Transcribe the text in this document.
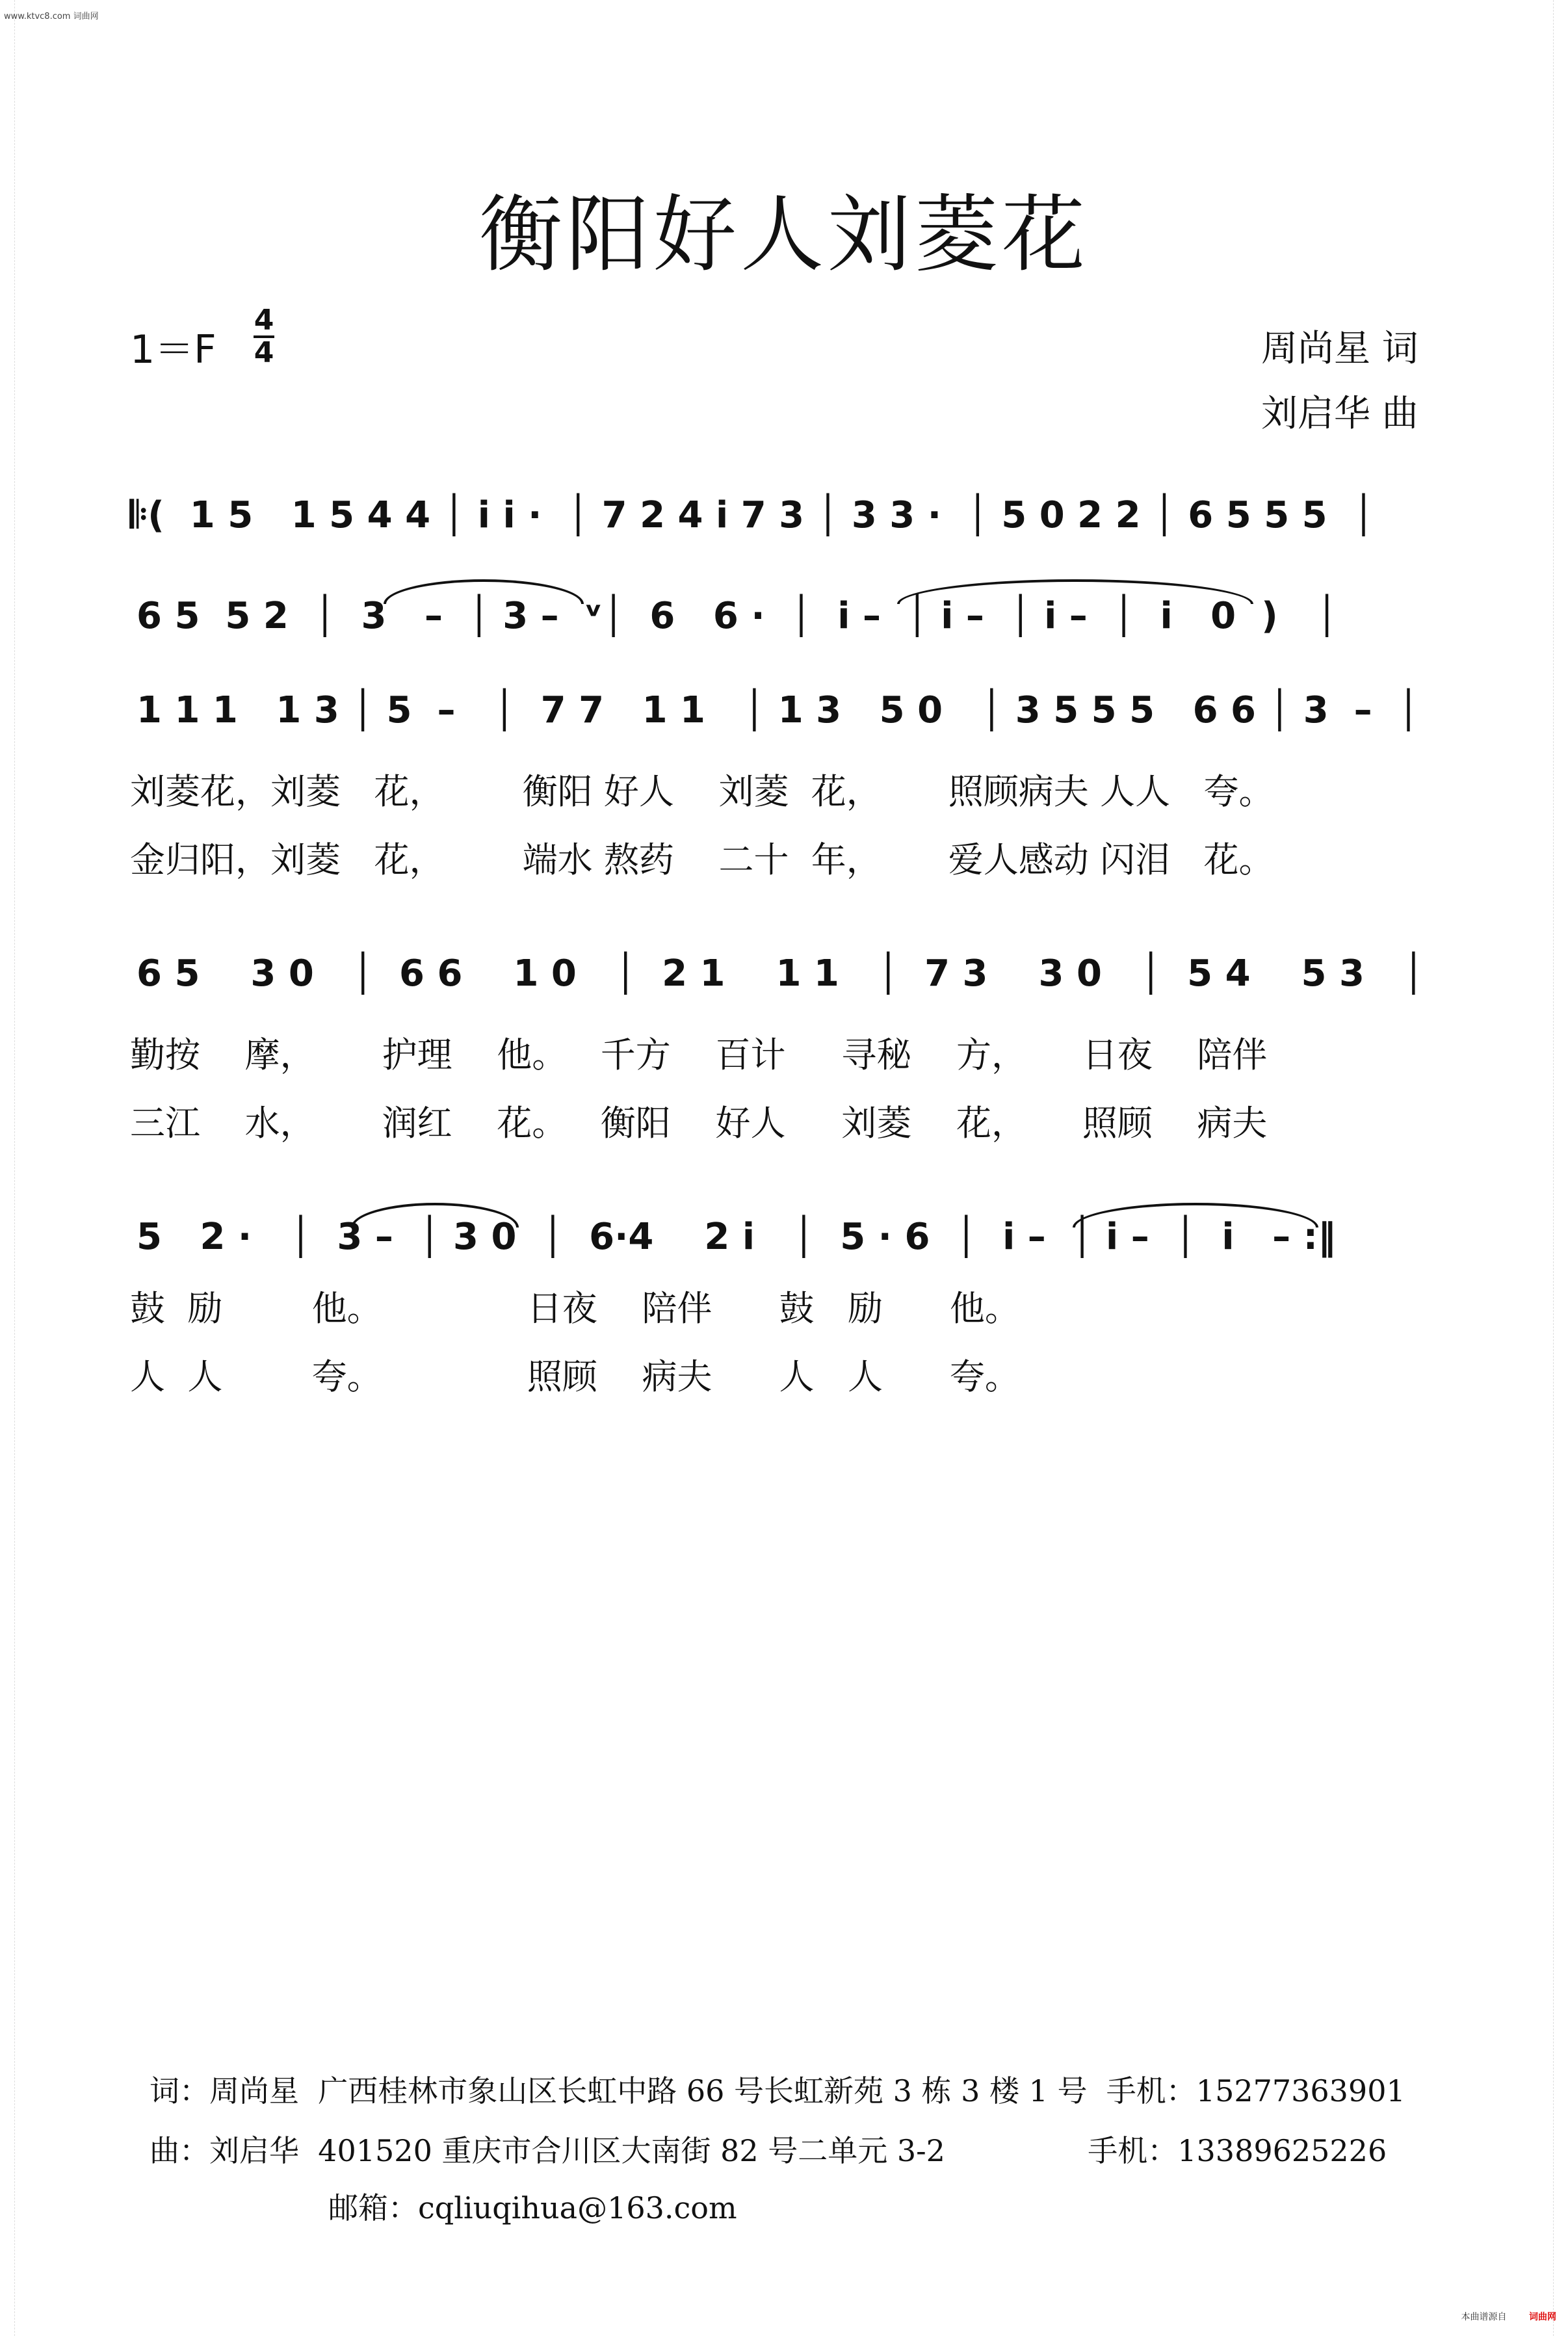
www.ktvc8.com 词曲网
衡阳好人刘菱花
1＝F
4
4	周尚星 词
刘启华 曲
𝄆(  1 5   1 5 4 4 │ i i ·  │ 7 2 4 i 7 3 │ 3 3 ·  │ 5 0 2 2 │ 6 5 5 5  │
6 5  5 2  │  3   –  │ 3 –  ᵛ│  6   6 ·  │  i –  │ i –  │ i –  │  i   0  )   │
1 1 1   1 3 │ 5  –   │  7 7   1 1   │ 1 3   5 0   │ 3 5 5 5   6 6 │ 3  –  │
刘菱花，刘菱   花，       衡阳 好人    刘菱  花，      照顾病夫 人人   夸。
金归阳，刘菱   花，       端水 熬药    二十  年，      爱人感动 闪泪   花。
6 5    3 0   │  6 6    1 0   │  2 1    1 1   │  7 3    3 0   │  5 4    5 3   │
勤按    摩，      护理    他。   千方    百计     寻秘    方，     日夜    陪伴
三江    水，      润红    花。   衡阳    好人     刘菱    花，     照顾    病夫
5   2 ·   │  3 –  │ 3 0  │  6·4    2 i   │  5 · 6  │  i –  │ i –  │  i   – :‖
鼓  励        他。             日夜    陪伴      鼓   励      他。
人  人        夸。             照顾    病夫      人   人      夸。
词：周尚星  广西桂林市象山区长虹中路 66 号长虹新苑 3 栋 3 楼 1 号  手机：15277363901
曲：刘启华  401520 重庆市合川区大南街 82 号二单元 3-2               手机：13389625226
邮箱：cqliuqihua@163.com
本曲谱源自 词曲网
